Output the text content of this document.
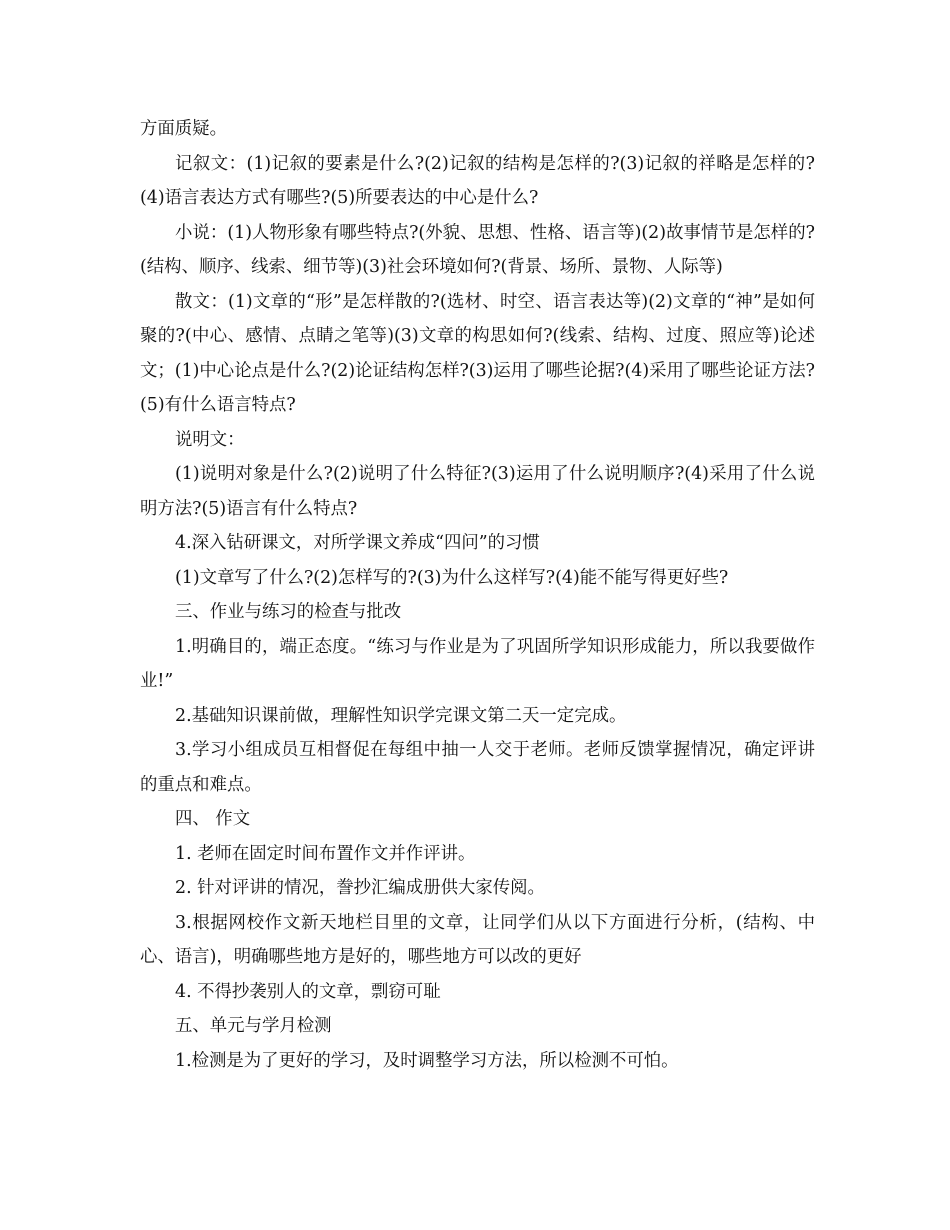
方面质疑。

记叙文：(1)记叙的要素是什么?(2)记叙的结构是怎样的?(3)记叙的祥略是怎样的?(4)语言表达方式有哪些?(5)所要表达的中心是什么?

小说：(1)人物形象有哪些特点?(外貌、思想、性格、语言等)(2)故事情节是怎样的?(结构、顺序、线索、细节等)(3)社会环境如何?(背景、场所、景物、人际等)

散文：(1)文章的“形”是怎样散的?(选材、时空、语言表达等)(2)文章的“神”是如何聚的?(中心、感情、点睛之笔等)(3)文章的构思如何?(线索、结构、过度、照应等)论述文；(1)中心论点是什么?(2)论证结构怎样?(3)运用了哪些论据?(4)采用了哪些论证方法?(5)有什么语言特点?

说明文：

(1)说明对象是什么?(2)说明了什么特征?(3)运用了什么说明顺序?(4)采用了什么说明方法?(5)语言有什么特点?

4.深入钻研课文，对所学课文养成“四问”的习惯

(1)文章写了什么?(2)怎样写的?(3)为什么这样写?(4)能不能写得更好些?

三、作业与练习的检查与批改

1.明确目的，端正态度。“练习与作业是为了巩固所学知识形成能力，所以我要做作业!”

2.基础知识课前做，理解性知识学完课文第二天一定完成。

3.学习小组成员互相督促在每组中抽一人交于老师。老师反馈掌握情况，确定评讲的重点和难点。

四、 作文

1. 老师在固定时间布置作文并作评讲。

2. 针对评讲的情况，誊抄汇编成册供大家传阅。

3.根据网校作文新天地栏目里的文章，让同学们从以下方面进行分析，(结构、中心、语言)，明确哪些地方是好的，哪些地方可以改的更好

4. 不得抄袭别人的文章，剽窃可耻

五、单元与学月检测

1.检测是为了更好的学习，及时调整学习方法，所以检测不可怕。
